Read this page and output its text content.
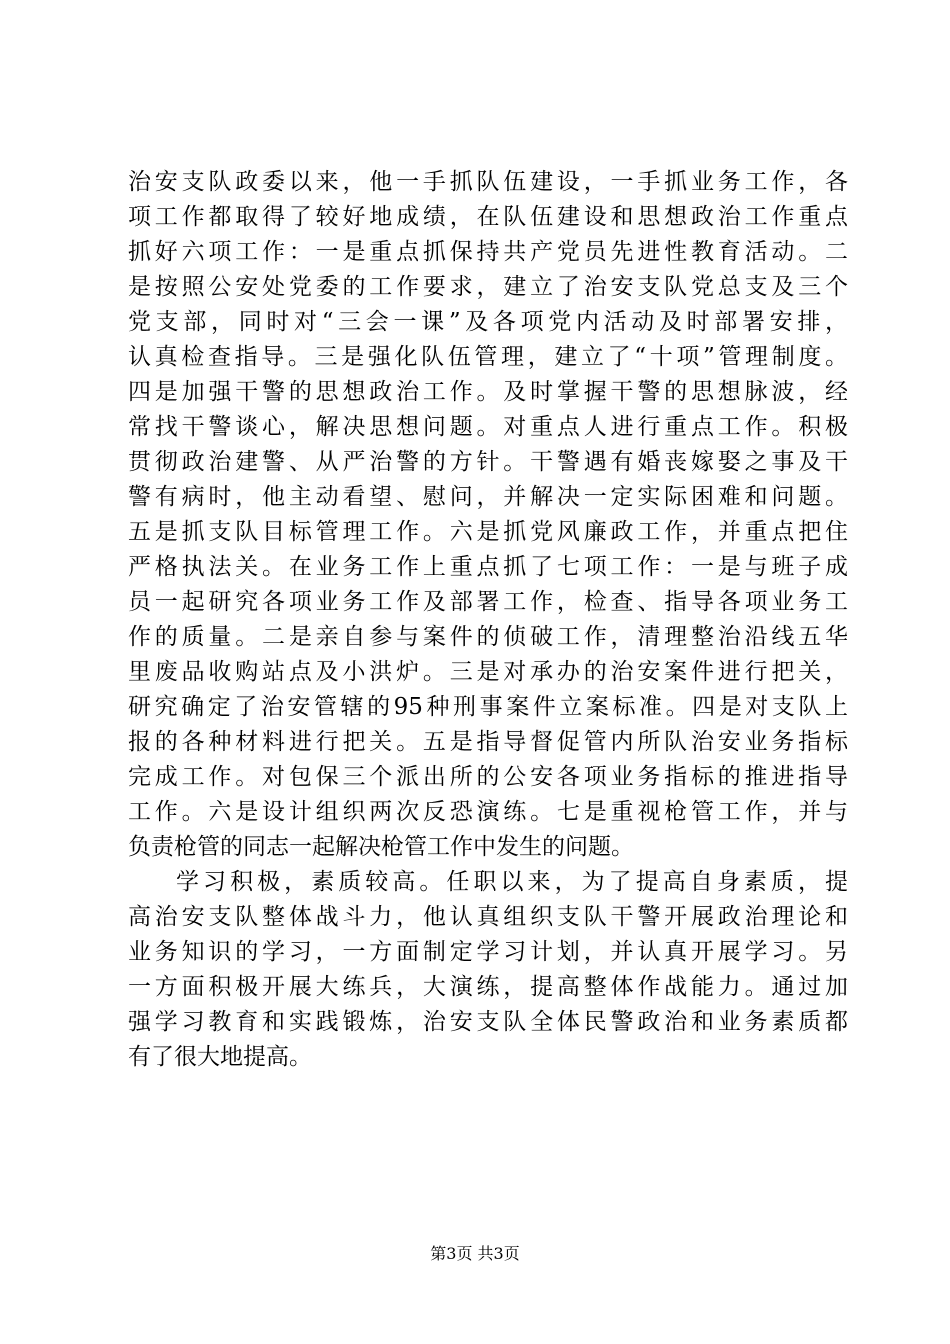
治安支队政委以来，他一手抓队伍建设，一手抓业务工作，各
项工作都取得了较好地成绩，在队伍建设和思想政治工作重点
抓好六项工作：一是重点抓保持共产党员先进性教育活动。二
是按照公安处党委的工作要求，建立了治安支队党总支及三个
党支部，同时对“三会一课”及各项党内活动及时部署安排，
认真检查指导。三是强化队伍管理，建立了“十项”管理制度。
四是加强干警的思想政治工作。及时掌握干警的思想脉波，经
常找干警谈心，解决思想问题。对重点人进行重点工作。积极
贯彻政治建警、从严治警的方针。干警遇有婚丧嫁娶之事及干
警有病时，他主动看望、慰问，并解决一定实际困难和问题。
五是抓支队目标管理工作。六是抓党风廉政工作，并重点把住
严格执法关。在业务工作上重点抓了七项工作：一是与班子成
员一起研究各项业务工作及部署工作，检查、指导各项业务工
作的质量。二是亲自参与案件的侦破工作，清理整治沿线五华
里废品收购站点及小洪炉。三是对承办的治安案件进行把关，
研究确定了治安管辖的95种刑事案件立案标准。四是对支队上
报的各种材料进行把关。五是指导督促管内所队治安业务指标
完成工作。对包保三个派出所的公安各项业务指标的推进指导
工作。六是设计组织两次反恐演练。七是重视枪管工作，并与
负责枪管的同志一起解决枪管工作中发生的问题。
学习积极，素质较高。任职以来，为了提高自身素质，提
高治安支队整体战斗力，他认真组织支队干警开展政治理论和
业务知识的学习，一方面制定学习计划，并认真开展学习。另
一方面积极开展大练兵，大演练，提高整体作战能力。通过加
强学习教育和实践锻炼，治安支队全体民警政治和业务素质都
有了很大地提高。
第3页 共3页
